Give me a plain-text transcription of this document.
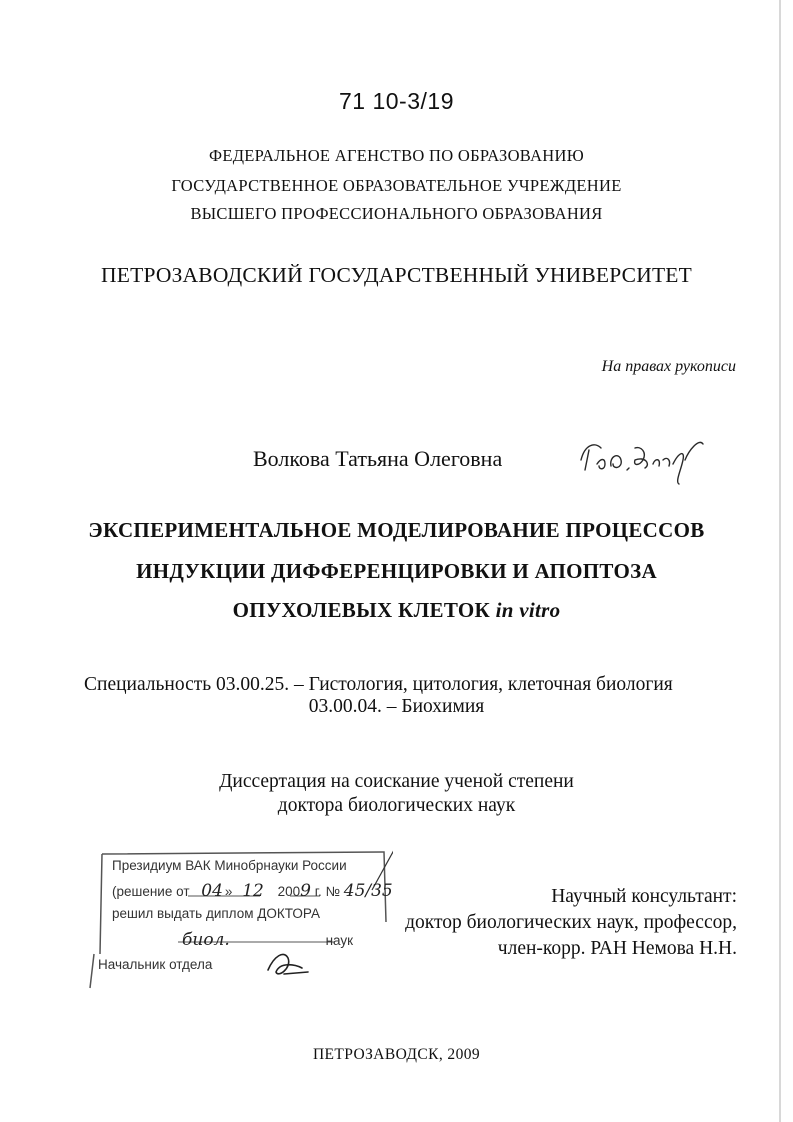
71 10-3/19
ФЕДЕРАЛЬНОЕ АГЕНСТВО ПО ОБРАЗОВАНИЮ
ГОСУДАРСТВЕННОЕ ОБРАЗОВАТЕЛЬНОЕ УЧРЕЖДЕНИЕ
ВЫСШЕГО ПРОФЕССИОНАЛЬНОГО ОБРАЗОВАНИЯ
ПЕТРОЗАВОДСКИЙ ГОСУДАРСТВЕННЫЙ УНИВЕРСИТЕТ
На правах рукописи
Волкова Татьяна Олеговна
ЭКСПЕРИМЕНТАЛЬНОЕ МОДЕЛИРОВАНИЕ ПРОЦЕССОВ
ИНДУКЦИИ ДИФФЕРЕНЦИРОВКИ И АПОПТОЗА
ОПУХОЛЕВЫХ КЛЕТОК in vitro
Специальность 03.00.25. – Гистология, цитология, клеточная биология
03.00.04. – Биохимия
Диссертация на соискание ученой степени
доктора биологических наук
Президиум ВАК Минобрнауки России
(решение от 04 » 12 2009 г. № 45/35
решил выдать диплом ДОКТОРА
биол.	наук
Начальник отдела
Научный консультант:
доктор биологических наук, профессор,
член-корр. РАН Немова Н.Н.
ПЕТРОЗАВОДСК, 2009
